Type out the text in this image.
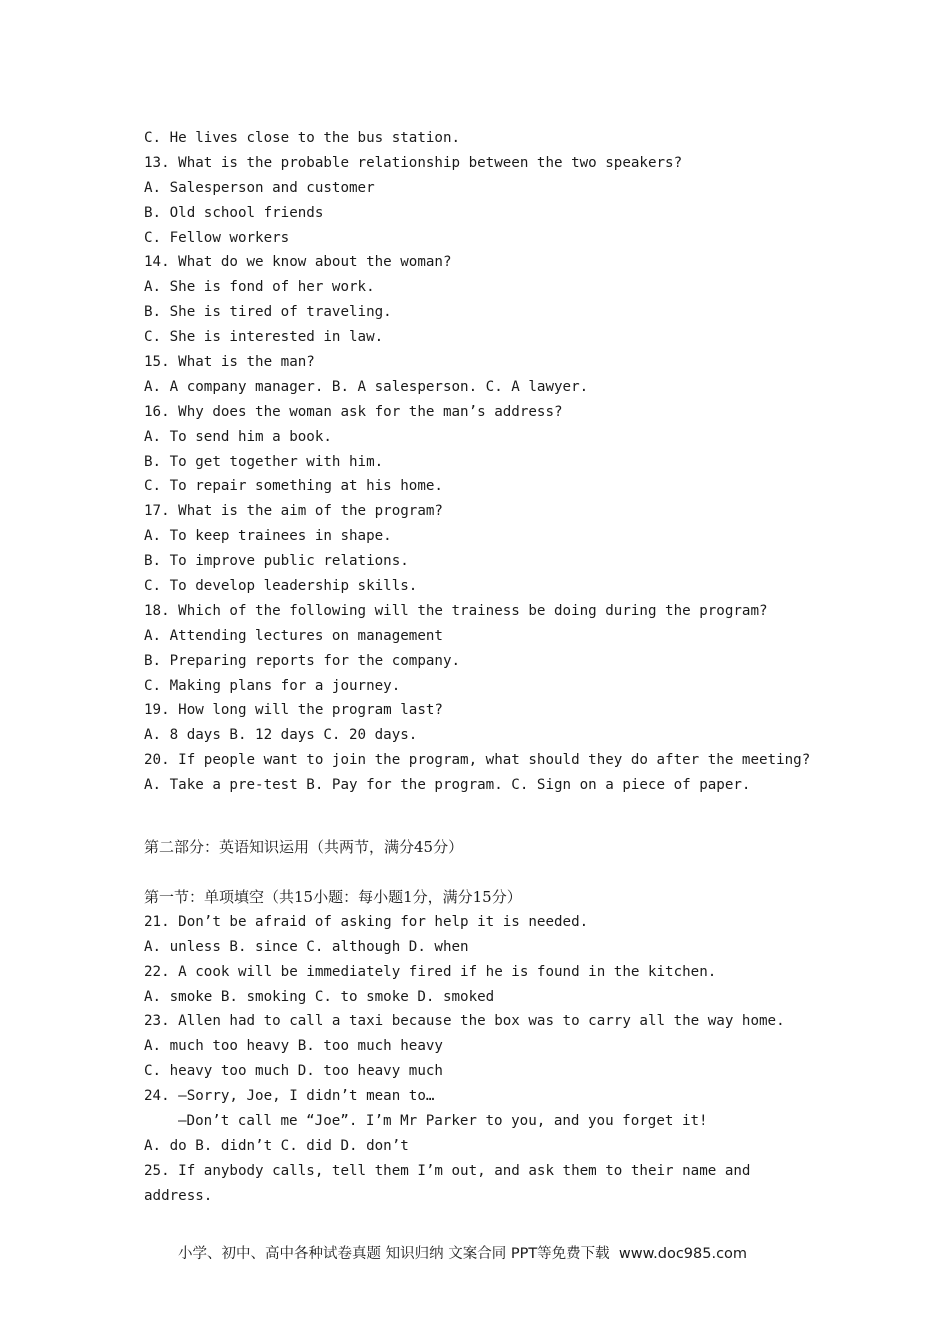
C. He lives close to the bus station.

13. What is the probable relationship between the two speakers?

A. Salesperson and customer

B. Old school friends

C. Fellow workers

14. What do we know about the woman?

A. She is fond of her work.

B. She is tired of traveling.

C. She is interested in law.

15. What is the man?

A. A company manager. B. A salesperson. C. A lawyer.

16. Why does the woman ask for the man’s address?

A. To send him a book.

B. To get together with him.

C. To repair something at his home.

17. What is the aim of the program?

A. To keep trainees in shape.

B. To improve public relations.

C. To develop leadership skills.

18. Which of the following will the trainess be doing during the program?

A. Attending lectures on management

B. Preparing reports for the company.

C. Making plans for a journey.

19. How long will the program last?

A. 8 days B. 12 days C. 20 days.

20. If people want to join the program, what should they do after the meeting?

A. Take a pre-test B. Pay for the program. C. Sign on a piece of paper.

第二部分：英语知识运用（共两节，满分45分）

第一节：单项填空（共15小题：每小题1分，满分15分）

21. Don’t be afraid of asking for help it is needed.

A. unless B. since C. although D. when

22. A cook will be immediately fired if he is found in the kitchen.

A. smoke B. smoking C. to smoke D. smoked

23. Allen had to call a taxi because the box was to carry all the way home.

A. much too heavy B. too much heavy

C. heavy too much D. too heavy much

24. —Sorry, Joe, I didn’t mean to…

—Don’t call me “Joe”. I’m Mr Parker to you, and you forget it!

A. do B. didn’t C. did D. don’t

25. If anybody calls, tell them I’m out, and ask them to their name and

address.

小学、初中、高中各种试卷真题 知识归纳 文案合同 PPT等免费下载 www.doc985.com
